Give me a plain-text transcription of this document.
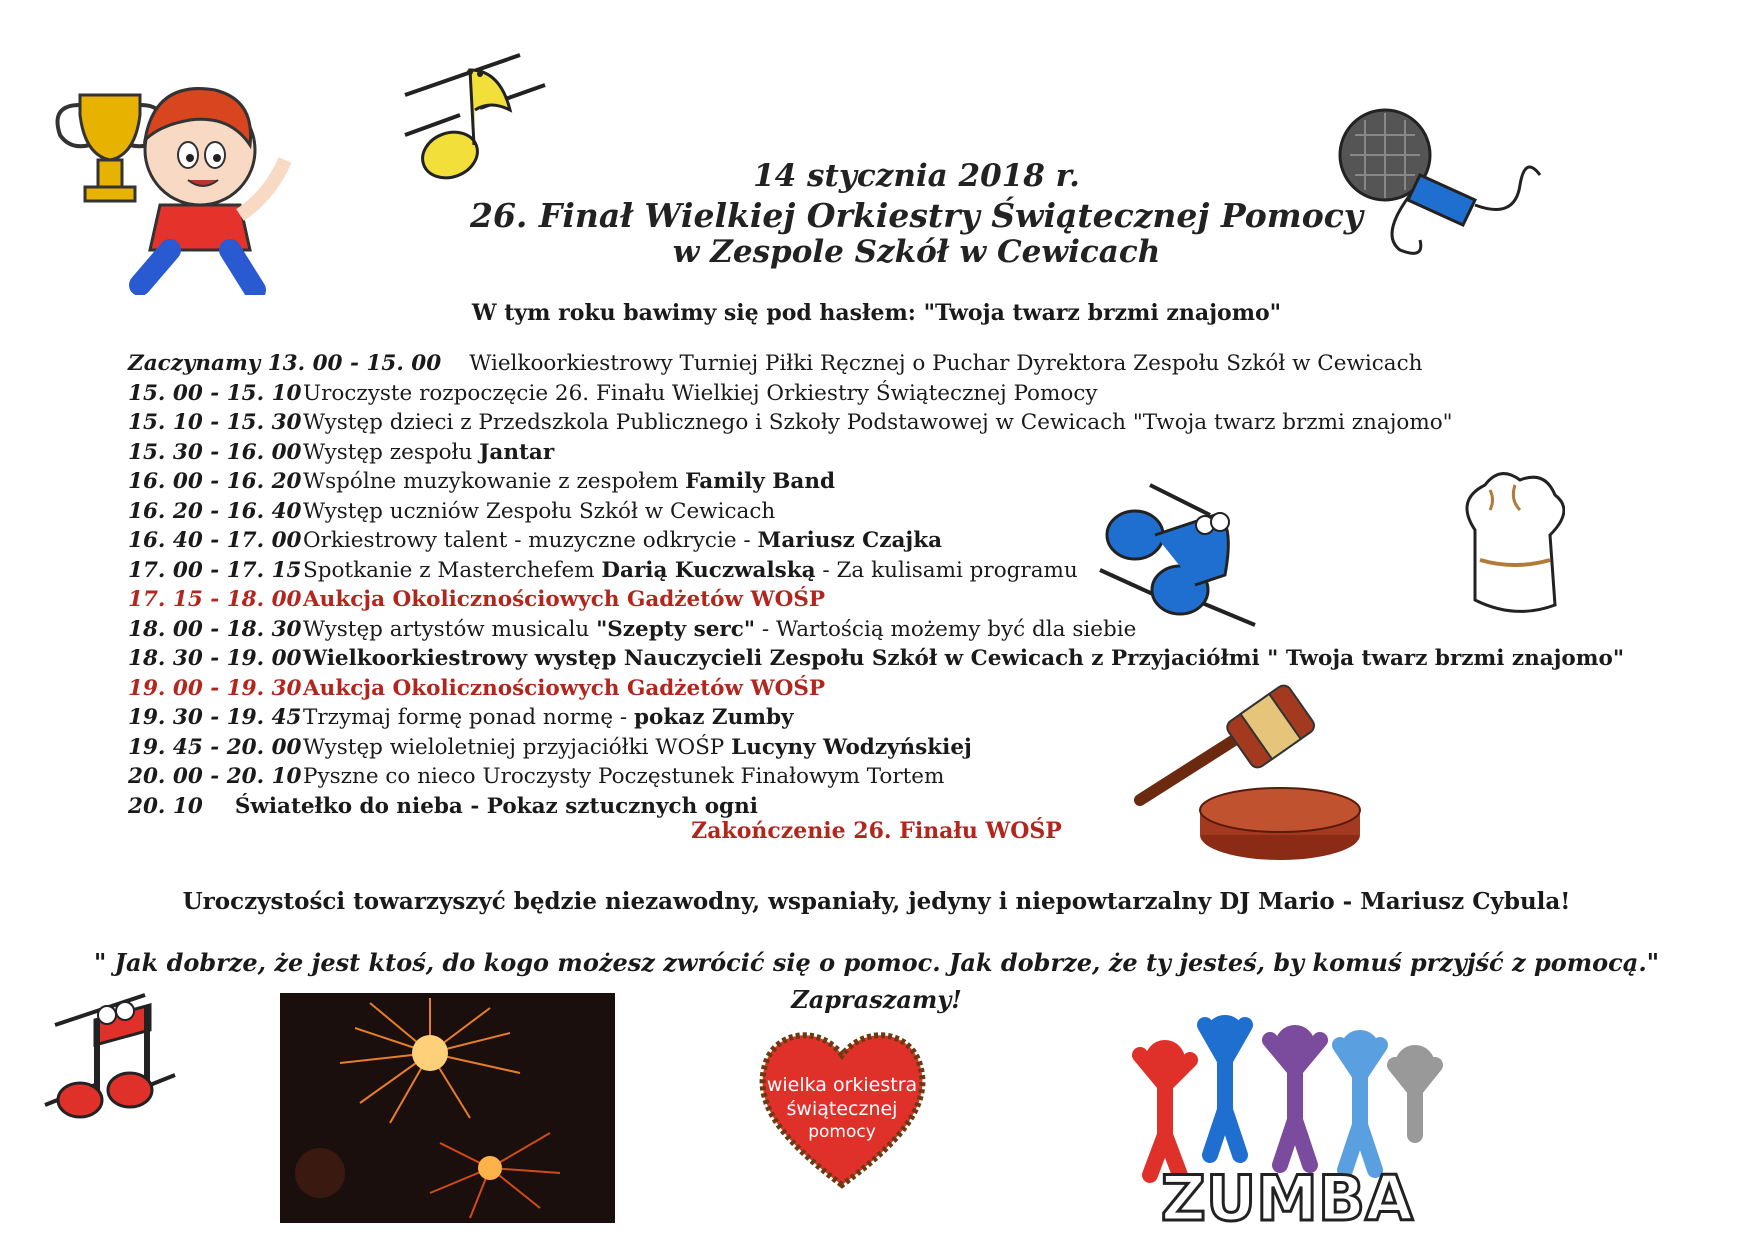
14 stycznia 2018 r.
26. Finał Wielkiej Orkiestry Świątecznej Pomocy
w Zespole Szkół w Cewicach
W tym roku bawimy się pod hasłem: "Twoja twarz brzmi znajomo"
Zaczynamy 13. 00 - 15. 00 Wielkoorkiestrowy Turniej Piłki Ręcznej o Puchar Dyrektora Zespołu Szkół w Cewicach
15. 00 - 15. 10Uroczyste rozpoczęcie 26. Finału Wielkiej Orkiestry Świątecznej Pomocy
15. 10 - 15. 30Występ dzieci z Przedszkola Publicznego i Szkoły Podstawowej w Cewicach "Twoja twarz brzmi znajomo"
15. 30 - 16. 00Występ zespołu Jantar
16. 00 - 16. 20Wspólne muzykowanie z zespołem Family Band
16. 20 - 16. 40Występ uczniów Zespołu Szkół w Cewicach
16. 40 - 17. 00Orkiestrowy talent - muzyczne odkrycie - Mariusz Czajka
17. 00 - 17. 15Spotkanie z Masterchefem Darią Kuczwalską - Za kulisami programu
17. 15 - 18. 00Aukcja Okolicznościowych Gadżetów WOŚP
18. 00 - 18. 30Występ artystów musicalu "Szepty serc" - Wartością możemy być dla siebie
18. 30 - 19. 00Wielkoorkiestrowy występ Nauczycieli Zespołu Szkół w Cewicach z Przyjaciółmi " Twoja twarz brzmi znajomo"
19. 00 - 19. 30Aukcja Okolicznościowych Gadżetów WOŚP
19. 30 - 19. 45Trzymaj formę ponad normę - pokaz Zumby
19. 45 - 20. 00Występ wieloletniej przyjaciółki WOŚP Lucyny Wodzyńskiej
20. 00 - 20. 10Pyszne co nieco Uroczysty Poczęstunek Finałowym Tortem
20. 10 Światełko do nieba - Pokaz sztucznych ogni
Zakończenie 26. Finału WOŚP
Uroczystości towarzyszyć będzie niezawodny, wspaniały, jedyny i niepowtarzalny DJ Mario - Mariusz Cybula!
" Jak dobrze, że jest ktoś, do kogo możesz zwrócić się o pomoc. Jak dobrze, że ty jesteś, by komuś przyjść z pomocą."
Zapraszamy!
wielka orkiestra
świątecznej
pomocy
ZUMBA
